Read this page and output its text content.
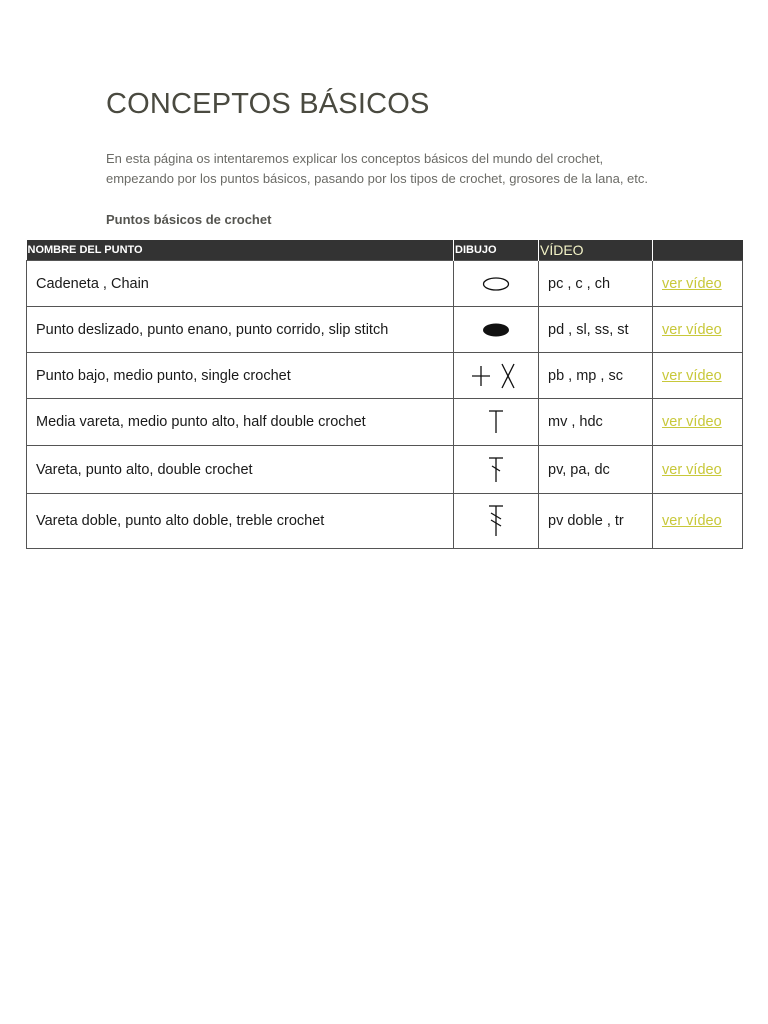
CONCEPTOS BÁSICOS

En esta página os intentaremos explicar los conceptos básicos del mundo del crochet,
empezando por los puntos básicos, pasando por los tipos de crochet, grosores de la lana, etc.

Puntos básicos de crochet

NOMBRE DEL PUNTO	DIBUJO	VÍDEO	
Cadeneta , Chain		pc , c , ch	ver vídeo
Punto deslizado, punto enano, punto corrido, slip stitch		pd , sl, ss, st	ver vídeo
Punto bajo, medio punto, single crochet		pb , mp , sc	ver vídeo
Media vareta, medio punto alto, half double crochet		mv , hdc	ver vídeo
Vareta, punto alto, double crochet		pv, pa, dc	ver vídeo
Vareta doble, punto alto doble, treble crochet		pv doble , tr	ver vídeo
